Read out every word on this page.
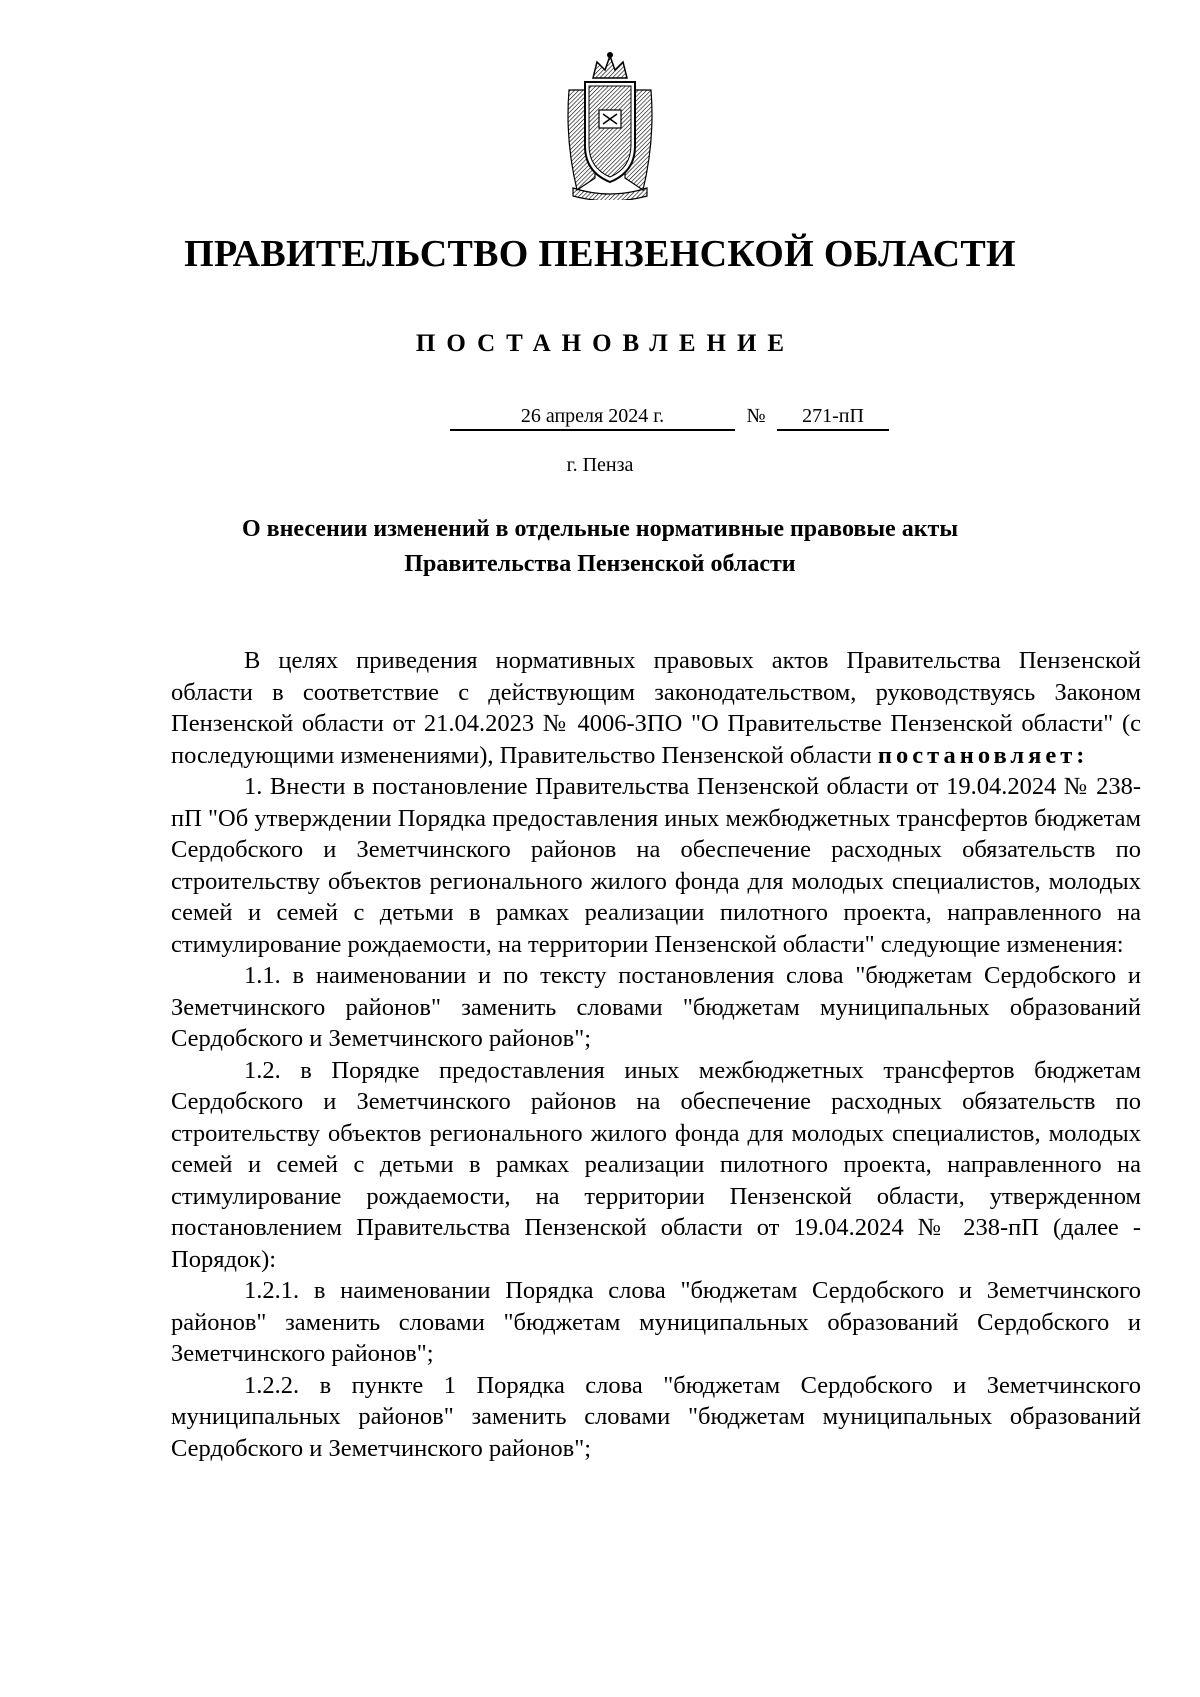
ПРАВИТЕЛЬСТВО ПЕНЗЕНСКОЙ ОБЛАСТИ
ПОСТАНОВЛЕНИЕ
26 апреля 2024 г.	№ 271-пП
г. Пенза
О внесении изменений в отдельные нормативные правовые акты
Правительства Пензенской области

В целях приведения нормативных правовых актов Правительства Пензенской области в соответствие с действующим законодательством, руководствуясь Законом Пензенской области от 21.04.2023 № 4006-ЗПО "О Правительстве Пензенской области" (с последующими изменениями), Правительство Пензенской области постановляет:

1. Внести в постановление Правительства Пензенской области от 19.04.2024 № 238-пП "Об утверждении Порядка предоставления иных межбюджетных трансфертов бюджетам Сердобского и Земетчинского районов на обеспечение расходных обязательств по строительству объектов регионального жилого фонда для молодых специалистов, молодых семей и семей с детьми в рамках реализации пилотного проекта, направленного на стимулирование рождаемости, на территории Пензенской области" следующие изменения:

1.1. в наименовании и по тексту постановления слова "бюджетам Сердобского и Земетчинского районов" заменить словами "бюджетам муниципальных образований Сердобского и Земетчинского районов";

1.2. в Порядке предоставления иных межбюджетных трансфертов бюджетам Сердобского и Земетчинского районов на обеспечение расходных обязательств по строительству объектов регионального жилого фонда для молодых специалистов, молодых семей и семей с детьми в рамках реализации пилотного проекта, направленного на стимулирование рождаемости, на территории Пензенской области, утвержденном постановлением Правительства Пензенской области от 19.04.2024 № 238-пП (далее - Порядок):

1.2.1. в наименовании Порядка слова "бюджетам Сердобского и Земетчинского районов" заменить словами "бюджетам муниципальных образований Сердобского и Земетчинского районов";

1.2.2. в пункте 1 Порядка слова "бюджетам Сердобского и Земетчинского муниципальных районов" заменить словами "бюджетам муниципальных образований Сердобского и Земетчинского районов";
